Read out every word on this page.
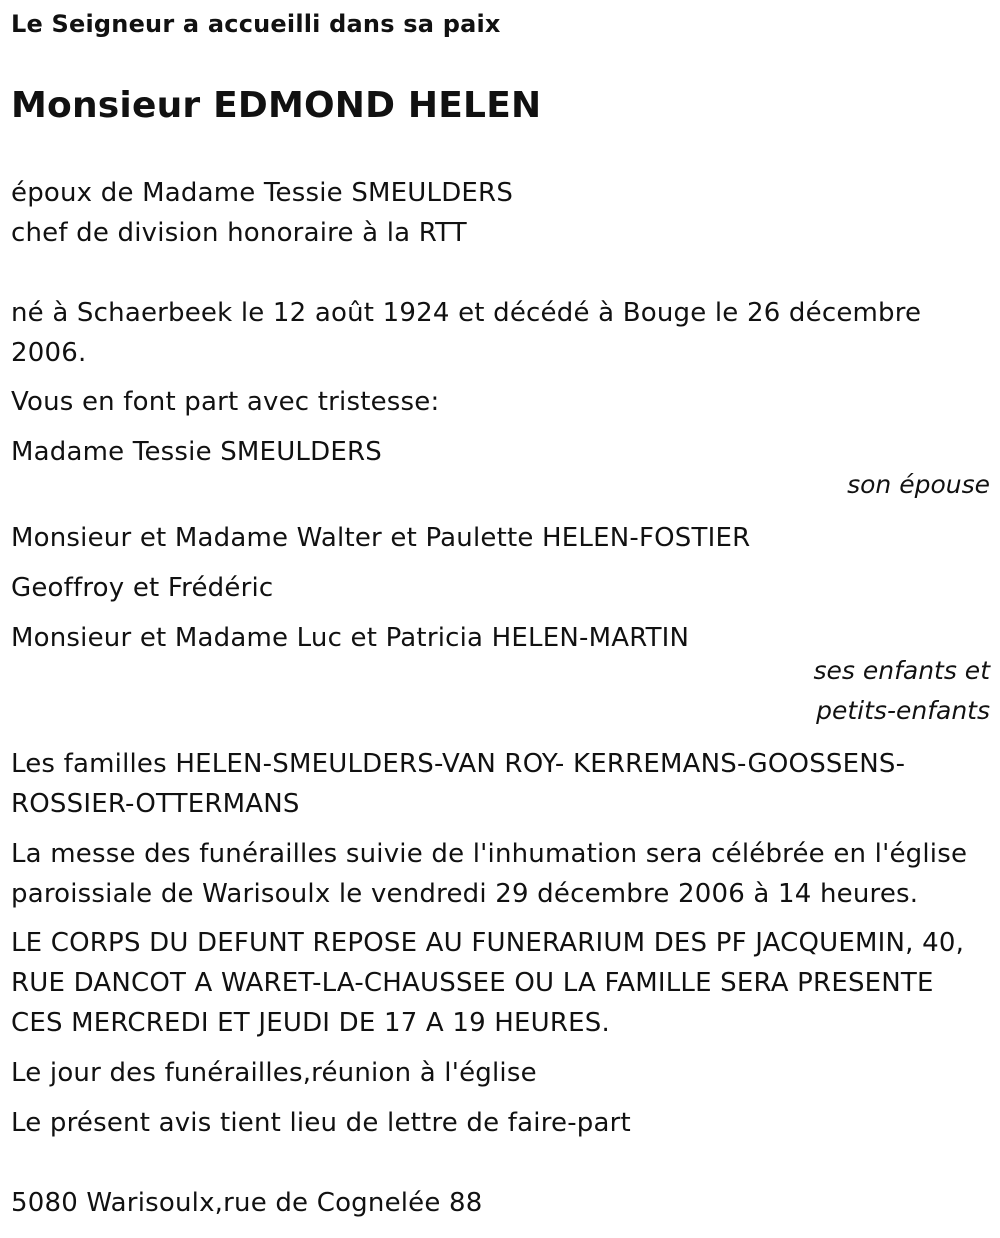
Le Seigneur a accueilli dans sa paix
Monsieur EDMOND HELEN
époux de Madame Tessie SMEULDERS
chef de division honoraire à la RTT
né à Schaerbeek le 12 août 1924 et décédé à Bouge le 26 décembre
2006.
Vous en font part avec tristesse:
Madame Tessie SMEULDERS
son épouse
Monsieur et Madame Walter et Paulette HELEN-FOSTIER
Geoffroy et Frédéric
Monsieur et Madame Luc et Patricia HELEN-MARTIN
ses enfants et
petits-enfants
Les familles HELEN-SMEULDERS-VAN ROY- KERREMANS-GOOSSENS-
ROSSIER-OTTERMANS
La messe des funérailles suivie de l'inhumation sera célébrée en l'église
paroissiale de Warisoulx le vendredi 29 décembre 2006 à 14 heures.
LE CORPS DU DEFUNT REPOSE AU FUNERARIUM DES PF JACQUEMIN, 40,
RUE DANCOT A WARET-LA-CHAUSSEE OU LA FAMILLE SERA PRESENTE
CES MERCREDI ET JEUDI DE 17 A 19 HEURES.
Le jour des funérailles,réunion à l'église
Le présent avis tient lieu de lettre de faire-part
5080 Warisoulx,rue de Cognelée 88
